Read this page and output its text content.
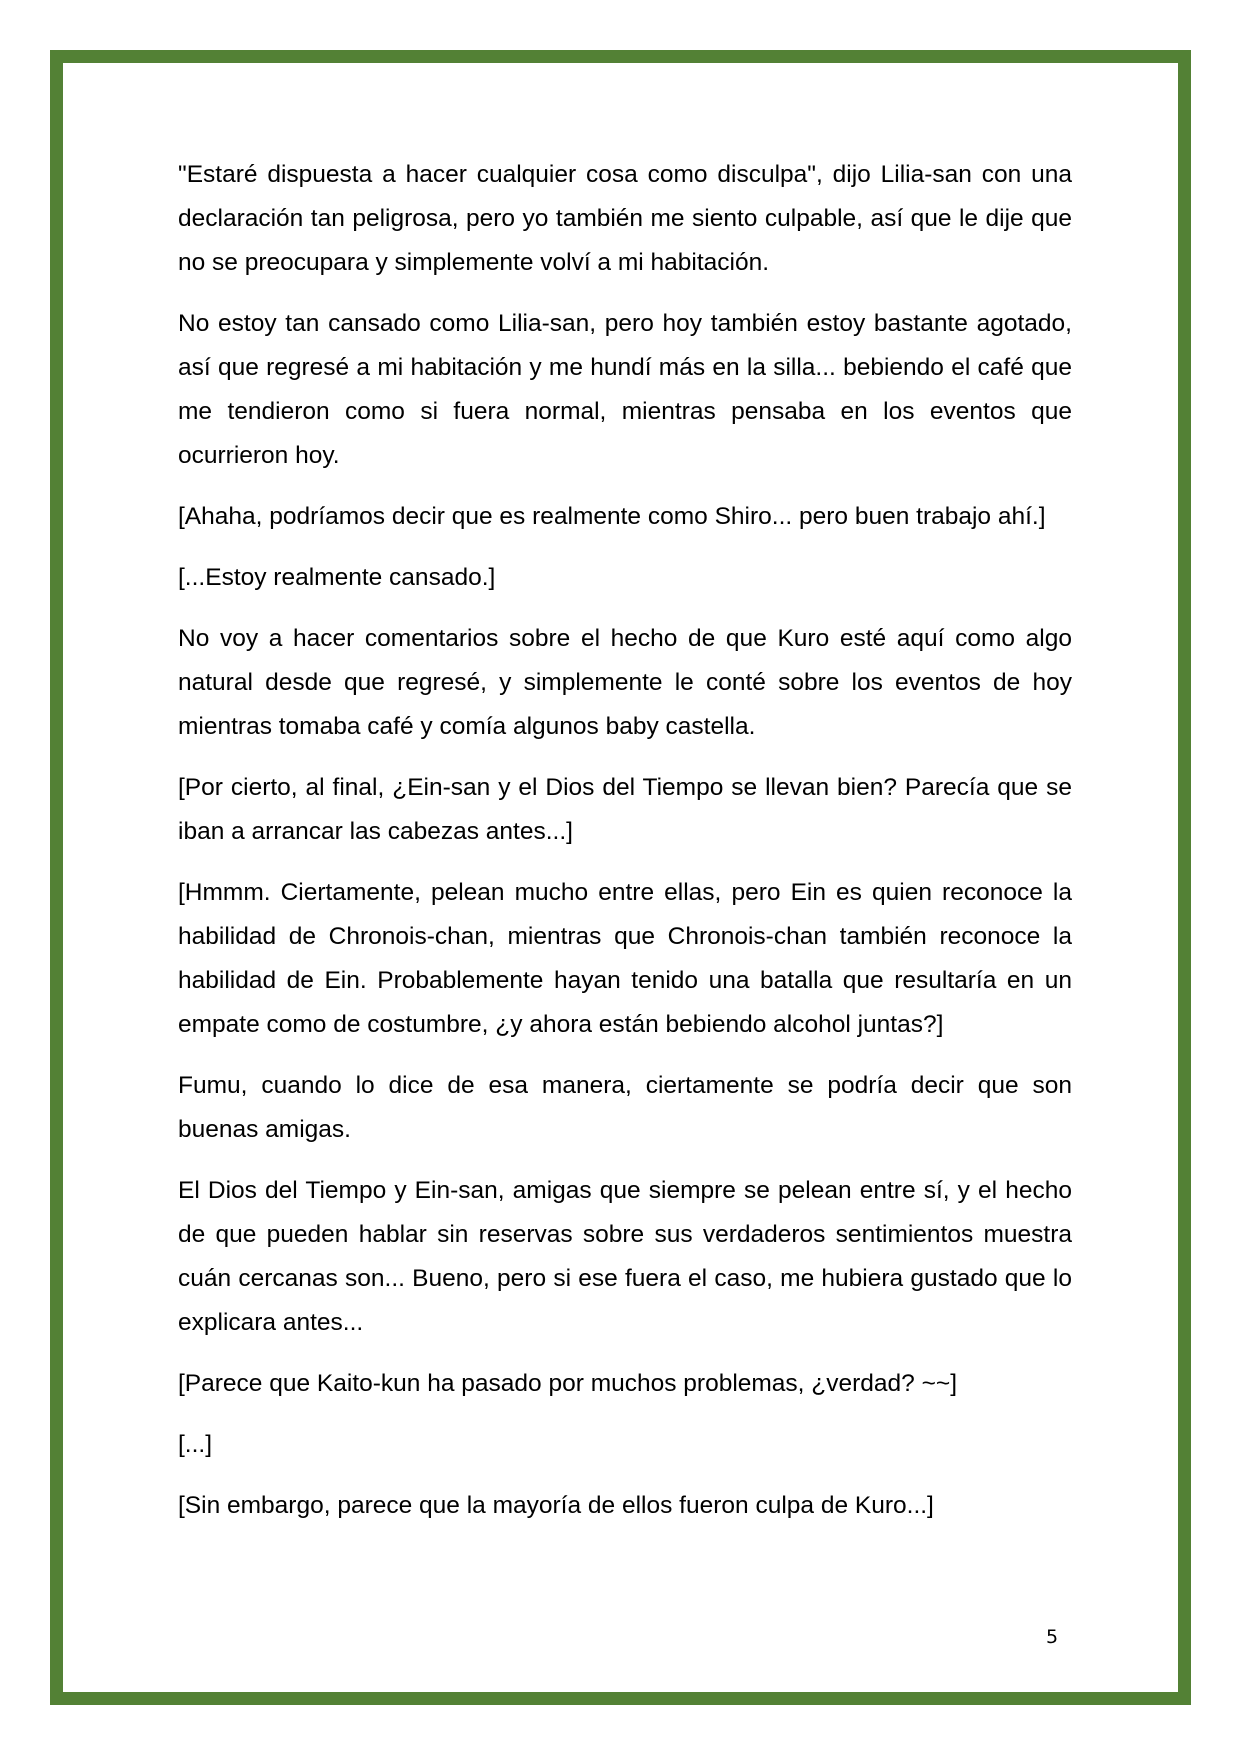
"Estaré dispuesta a hacer cualquier cosa como disculpa", dijo Lilia-san con una declaración tan peligrosa, pero yo también me siento culpable, así que le dije que no se preocupara y simplemente volví a mi habitación.

No estoy tan cansado como Lilia-san, pero hoy también estoy bastante agotado, así que regresé a mi habitación y me hundí más en la silla... bebiendo el café que me tendieron como si fuera normal, mientras pensaba en los eventos que ocurrieron hoy.

[Ahaha, podríamos decir que es realmente como Shiro... pero buen trabajo ahí.]

[...Estoy realmente cansado.]

No voy a hacer comentarios sobre el hecho de que Kuro esté aquí como algo natural desde que regresé, y simplemente le conté sobre los eventos de hoy mientras tomaba café y comía algunos baby castella.

[Por cierto, al final, ¿Ein-san y el Dios del Tiempo se llevan bien? Parecía que se iban a arrancar las cabezas antes...]

[Hmmm. Ciertamente, pelean mucho entre ellas, pero Ein es quien reconoce la habilidad de Chronois-chan, mientras que Chronois-chan también reconoce la habilidad de Ein. Probablemente hayan tenido una batalla que resultaría en un empate como de costumbre, ¿y ahora están bebiendo alcohol juntas?]

Fumu, cuando lo dice de esa manera, ciertamente se podría decir que son buenas amigas.

El Dios del Tiempo y Ein-san, amigas que siempre se pelean entre sí, y el hecho de que pueden hablar sin reservas sobre sus verdaderos sentimientos muestra cuán cercanas son... Bueno, pero si ese fuera el caso, me hubiera gustado que lo explicara antes...

[Parece que Kaito-kun ha pasado por muchos problemas, ¿verdad? ~~]

[...]

[Sin embargo, parece que la mayoría de ellos fueron culpa de Kuro...]

5
